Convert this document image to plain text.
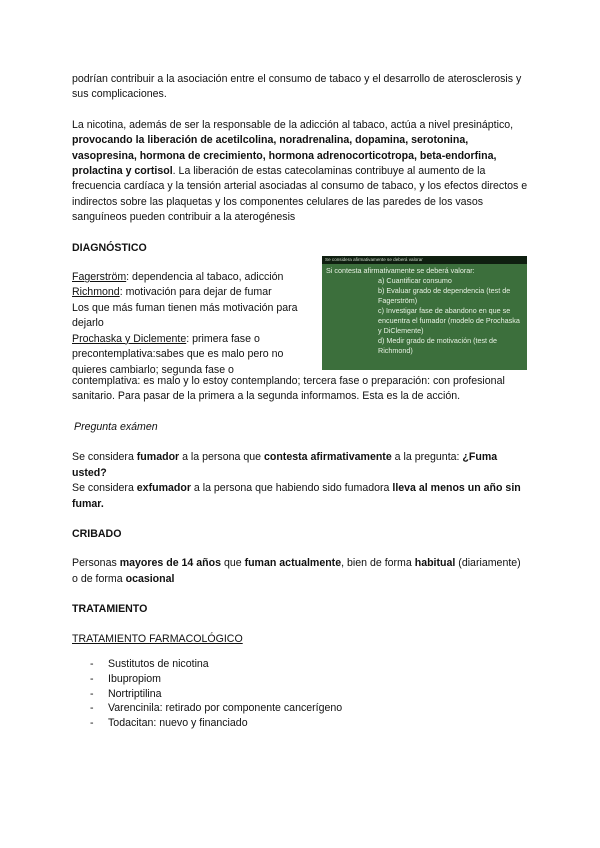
podrían contribuir a la asociación entre el consumo de tabaco y el desarrollo de aterosclerosis y sus complicaciones.

La nicotina, además de ser la responsable de la adicción al tabaco, actúa a nivel presináptico, provocando la liberación de acetilcolina, noradrenalina, dopamina, serotonina, vasopresina, hormona de crecimiento, hormona adrenocorticotropa, beta-endorfina, prolactina y cortisol. La liberación de estas catecolaminas contribuye al aumento de la frecuencia cardíaca y la tensión arterial asociadas al consumo de tabaco, y los efectos directos e indirectos sobre las plaquetas y los componentes celulares de las paredes de los vasos sanguíneos pueden contribuir a la aterogénesis

DIAGNÓSTICO

Fagerström: dependencia al tabaco, adicción

Richmond: motivación para dejar de fumar

Los que más fuman tienen más motivación para dejarlo

Prochaska y Diclemente: primera fase o precontemplativa:sabes que es malo pero no quieres cambiarlo; segunda fase o

Se considera afirmativamente se deberá valorar
Si contesta afirmativamente se deberá valorar:
a) Cuantificar consumo
b) Evaluar grado de dependencia (test de Fagerström)
c) Investigar fase de abandono en que se encuentra el fumador (modelo de Prochaska y DiClemente)
d) Medir grado de motivación (test de Richmond)

contemplativa: es malo y lo estoy contemplando; tercera fase o preparación: con profesional sanitario. Para pasar de la primera a la segunda informamos. Esta es la de acción.

Pregunta exámen

Se considera fumador a la persona que contesta afirmativamente a la pregunta: ¿Fuma usted?

Se considera exfumador a la persona que habiendo sido fumadora lleva al menos un año sin fumar.

CRIBADO

Personas mayores de 14 años que fuman actualmente, bien de forma habitual (diariamente) o de forma ocasional

TRATAMIENTO

TRATAMIENTO FARMACOLÓGICO

- Sustitutos de nicotina
- Ibupropiom
- Nortriptilina
- Varencinila: retirado por componente cancerígeno
- Todacitan: nuevo y financiado
